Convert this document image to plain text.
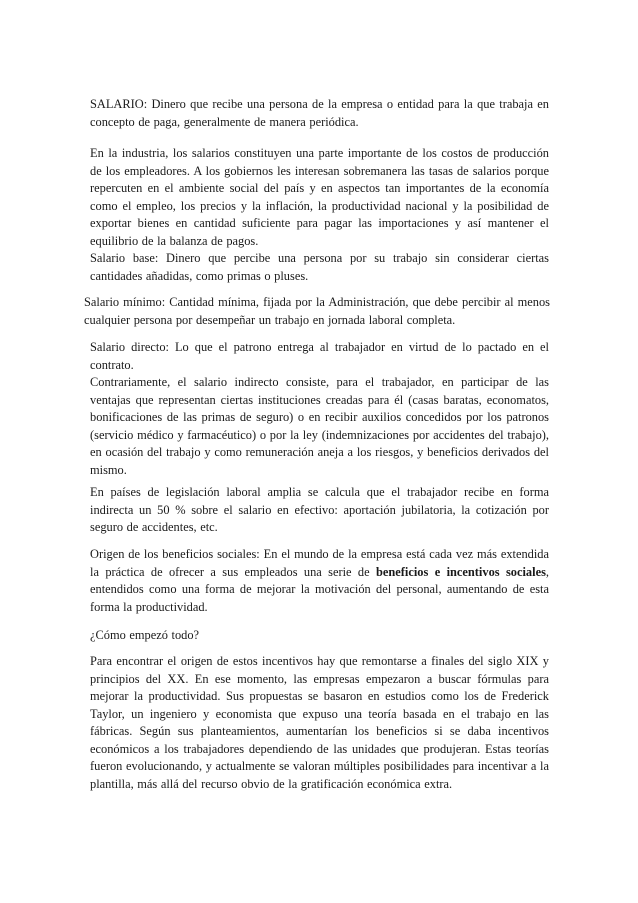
SALARIO: Dinero que recibe una persona de la empresa o entidad para la que trabaja en concepto de paga, generalmente de manera periódica.

En la industria, los salarios constituyen una parte importante de los costos de producción de los empleadores. A los gobiernos les interesan sobremanera las tasas de salarios porque repercuten en el ambiente social del país y en aspectos tan importantes de la economía como el empleo, los precios y la inflación, la productividad nacional y la posibilidad de exportar bienes en cantidad suficiente para pagar las importaciones y así mantener el equilibrio de la balanza de pagos.

Salario base: Dinero que percibe una persona por su trabajo sin considerar ciertas cantidades añadidas, como primas o pluses.

Salario mínimo: Cantidad mínima, fijada por la Administración, que debe percibir al menos cualquier persona por desempeñar un trabajo en jornada laboral completa.

Salario directo: Lo que el patrono entrega al trabajador en virtud de lo pactado en el contrato.

Contrariamente, el salario indirecto consiste, para el trabajador, en participar de las ventajas que representan ciertas instituciones creadas para él (casas baratas, economatos, bonificaciones de las primas de seguro) o en recibir auxilios concedidos por los patronos (servicio médico y farmacéutico) o por la ley (indemnizaciones por accidentes del trabajo), en ocasión del trabajo y como remuneración aneja a los riesgos, y beneficios derivados del mismo.

En países de legislación laboral amplia se calcula que el trabajador recibe en forma indirecta un 50 % sobre el salario en efectivo: aportación jubilatoria, la cotización por seguro de accidentes, etc.

Origen de los beneficios sociales: En el mundo de la empresa está cada vez más extendida la práctica de ofrecer a sus empleados una serie de beneficios e incentivos sociales, entendidos como una forma de mejorar la motivación del personal, aumentando de esta forma la productividad.

¿Cómo empezó todo?

Para encontrar el origen de estos incentivos hay que remontarse a finales del siglo XIX y principios del XX. En ese momento, las empresas empezaron a buscar fórmulas para mejorar la productividad. Sus propuestas se basaron en estudios como los de Frederick Taylor, un ingeniero y economista que expuso una teoría basada en el trabajo en las fábricas. Según sus planteamientos, aumentarían los beneficios si se daba incentivos económicos a los trabajadores dependiendo de las unidades que produjeran. Estas teorías fueron evolucionando, y actualmente se valoran múltiples posibilidades para incentivar a la plantilla, más allá del recurso obvio de la gratificación económica extra.
